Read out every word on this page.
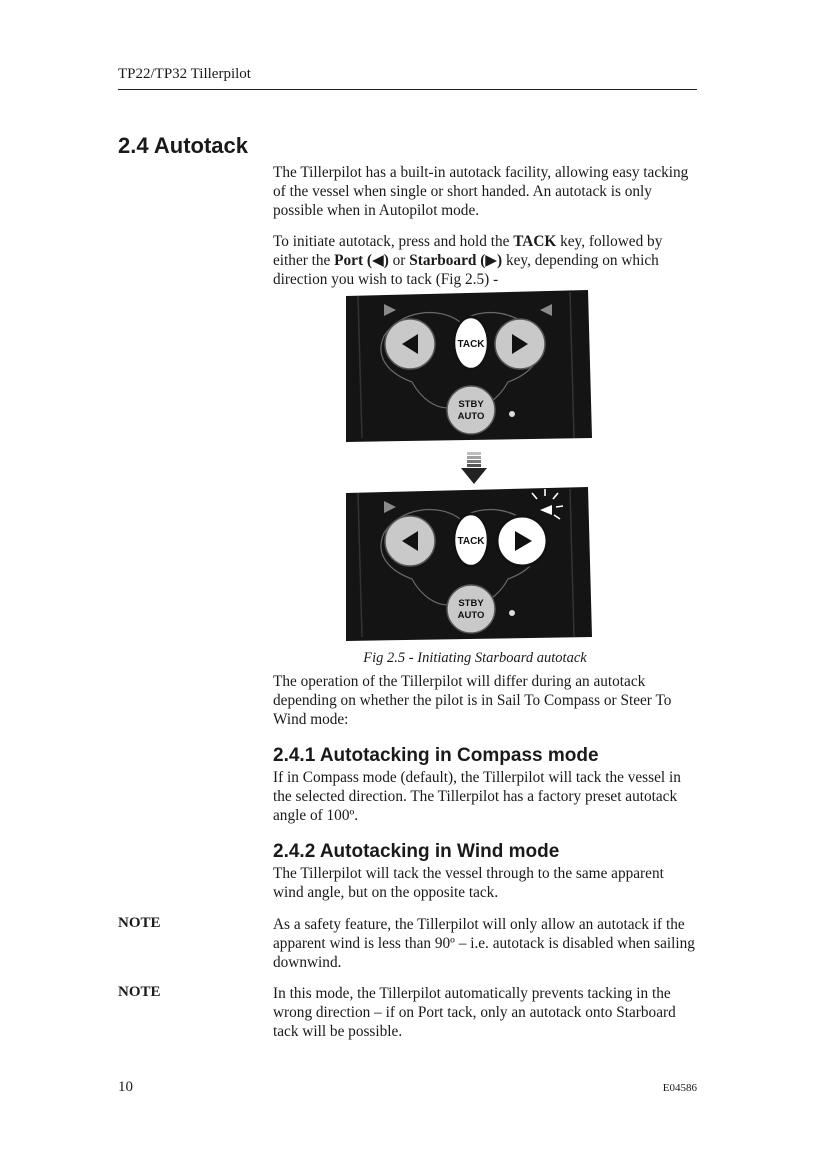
TP22/TP32 Tillerpilot
2.4 Autotack

The Tillerpilot has a built-in autotack facility, allowing easy tacking of the vessel when single or short handed. An autotack is only possible when in Autopilot mode.

To initiate autotack, press and hold the TACK key, followed by either the Port (◀) or Starboard (▶) key, depending on which direction you wish to tack (Fig 2.5) -

TACK
STBY
AUTO
TACK
STBY
AUTO
Fig 2.5 - Initiating Starboard autotack

The operation of the Tillerpilot will differ during an autotack depending on whether the pilot is in Sail To Compass or Steer To Wind mode:

2.4.1 Autotacking in Compass mode

If in Compass mode (default), the Tillerpilot will tack the vessel in the selected direction. The Tillerpilot has a factory preset autotack angle of 100º.

2.4.2 Autotacking in Wind mode

The Tillerpilot will tack the vessel through to the same apparent wind angle, but on the opposite tack.

NOTE	As a safety feature, the Tillerpilot will only allow an autotack if the apparent wind is less than 90º – i.e. autotack is disabled when sailing downwind.

NOTE	In this mode, the Tillerpilot automatically prevents tacking in the wrong direction – if on Port tack, only an autotack onto Starboard tack will be possible.

10	E04586
